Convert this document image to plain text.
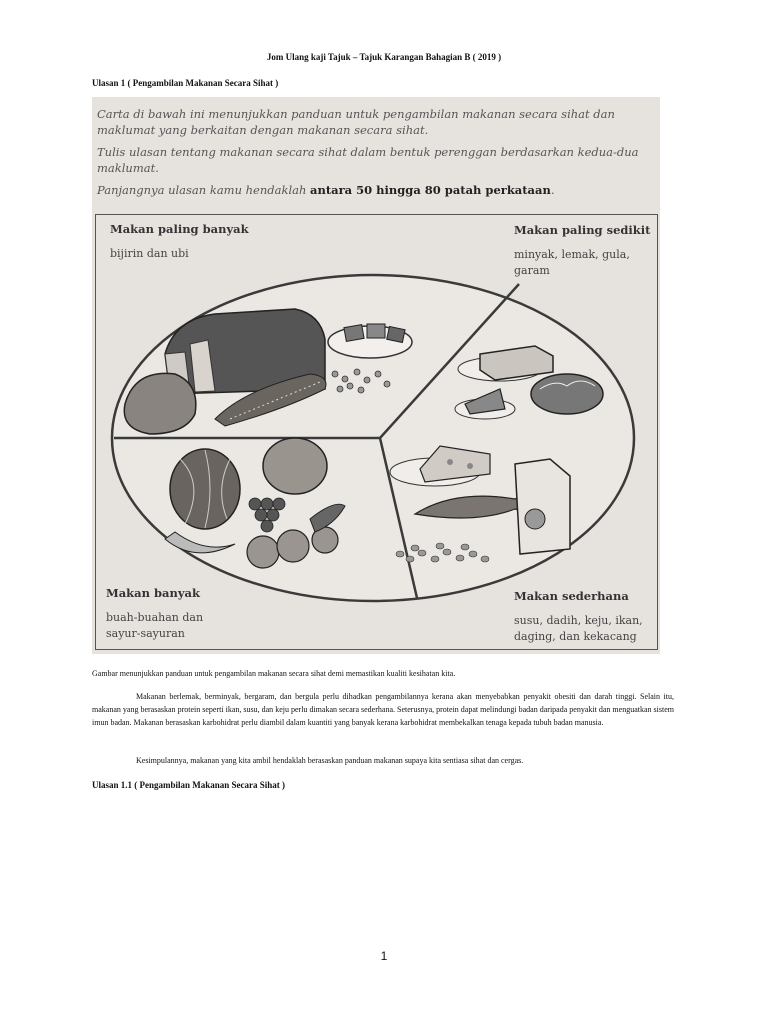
Jom Ulang kaji Tajuk – Tajuk Karangan Bahagian B ( 2019 )
Ulasan 1 ( Pengambilan Makanan Secara Sihat )
Carta di bawah ini menunjukkan panduan untuk pengambilan makanan secara sihat dan maklumat yang berkaitan dengan makanan secara sihat.
Tulis ulasan tentang makanan secara sihat dalam bentuk perenggan berdasarkan kedua-dua maklumat.
Panjangnya ulasan kamu hendaklah antara 50 hingga 80 patah perkataan.
Makan paling banyak
bijirin dan ubi
Makan paling sedikit
minyak, lemak, gula,
garam
Makan banyak
buah-buahan dan
sayur-sayuran
Makan sederhana
susu, dadih, keju, ikan,
daging, dan kekacang
Gambar menunjukkan panduan untuk pengambilan makanan secara sihat demi memastikan kualiti kesihatan kita.
Makanan berlemak, berminyak, bergaram, dan bergula perlu dihadkan pengambilannya kerana akan menyebabkan penyakit obesiti dan darah tinggi. Selain itu, makanan yang berasaskan protein seperti ikan, susu, dan keju perlu dimakan secara sederhana. Seterusnya, protein dapat melindungi badan daripada penyakit dan menguatkan sistem imun badan. Makanan berasaskan karbohidrat perlu diambil dalam kuantiti yang banyak kerana karbohidrat membekalkan tenaga kepada tubuh badan manusia.
Kesimpulannya, makanan yang kita ambil hendaklah berasaskan panduan makanan supaya kita sentiasa sihat dan cergas.
Ulasan 1.1 ( Pengambilan Makanan Secara Sihat )
1
